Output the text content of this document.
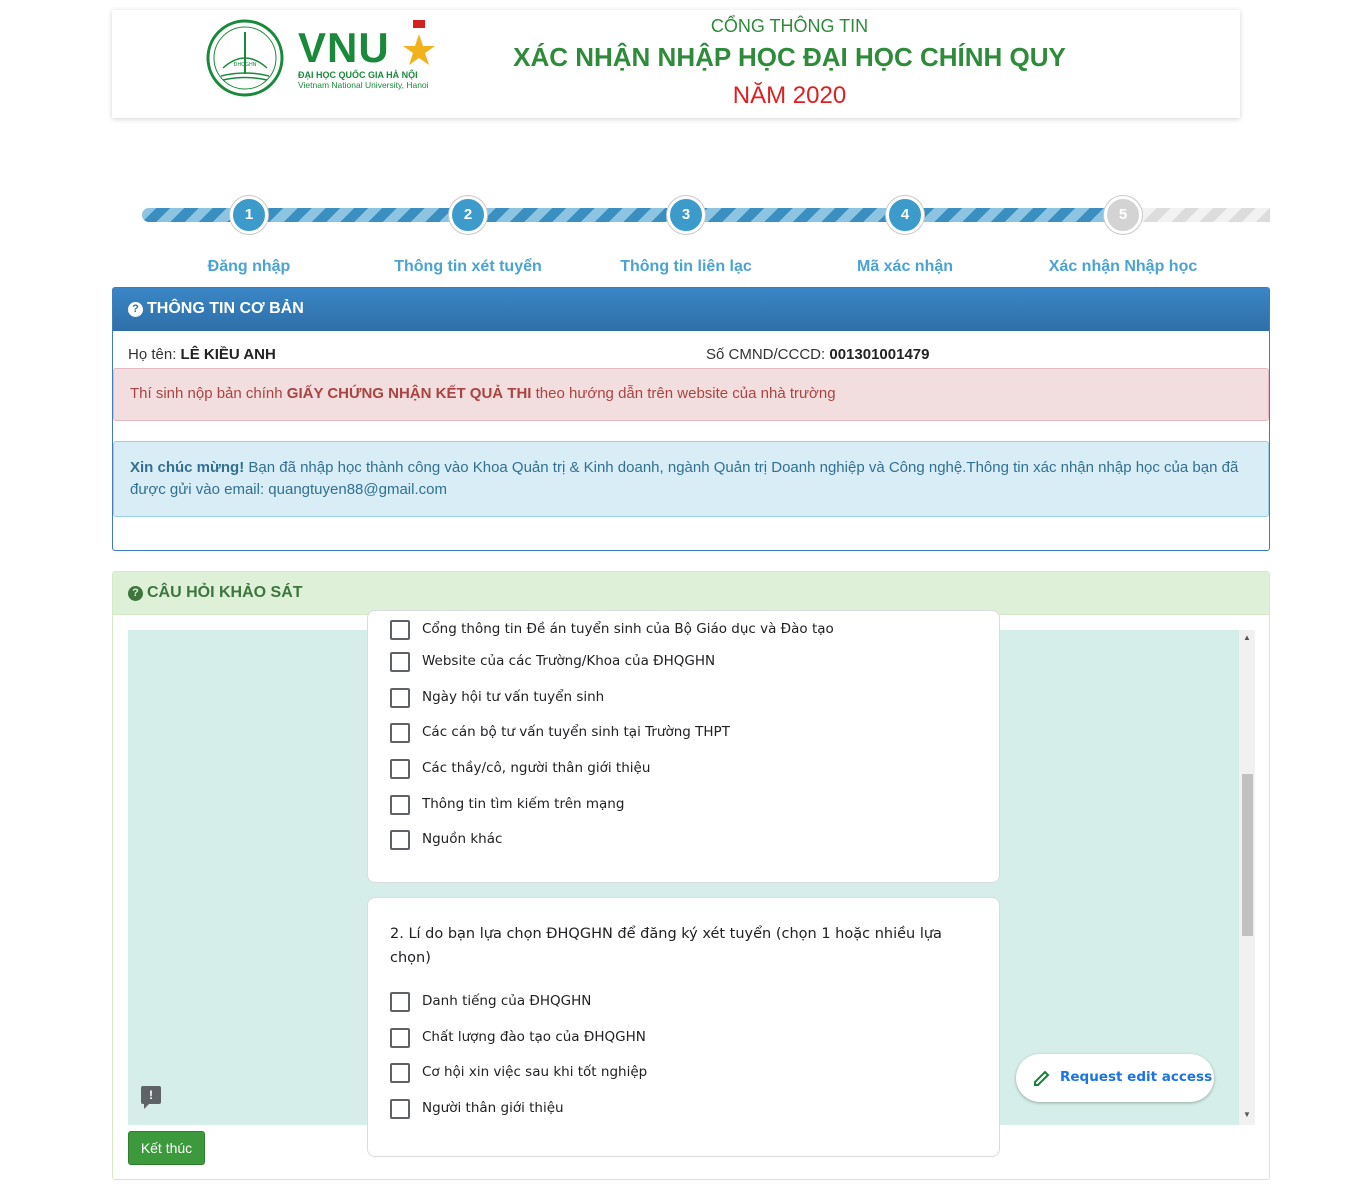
ĐHQGHN VNU
ĐẠI HỌC QUỐC GIA HÀ NỘI
Vietnam National University, Hanoi
CỔNG THÔNG TIN
XÁC NHẬN NHẬP HỌC ĐẠI HỌC CHÍNH QUY
NĂM 2020
1	2	3	4	5
Đăng nhập	Thông tin xét tuyển	Thông tin liên lạc	Mã xác nhận	Xác nhận Nhập học
? THÔNG TIN CƠ BẢN
Họ tên: LÊ KIỀU ANH	Số CMND/CCCD: 001301001479
Thí sinh nộp bản chính GIẤY CHỨNG NHẬN KẾT QUẢ THI theo hướng dẫn trên website của nhà trường
Xin chúc mừng! Bạn đã nhập học thành công vào Khoa Quản trị & Kinh doanh, ngành Quản trị Doanh nghiệp và Công nghệ.Thông tin xác nhận nhập học của bạn đã được gửi vào email: quangtuyen88@gmail.com
? CÂU HỎI KHẢO SÁT
Cổng thông tin Đề án tuyển sinh của Bộ Giáo dục và Đào tạo
Website của các Trường/Khoa của ĐHQGHN
Ngày hội tư vấn tuyển sinh
Các cán bộ tư vấn tuyển sinh tại Trường THPT
Các thầy/cô, người thân giới thiệu
Thông tin tìm kiếm trên mạng
Nguồn khác
2. Lí do bạn lựa chọn ĐHQGHN để đăng ký xét tuyển (chọn 1 hoặc nhiều lựa chọn)
Danh tiếng của ĐHQGHN
Chất lượng đào tạo của ĐHQGHN
Cơ hội xin việc sau khi tốt nghiệp
Người thân giới thiệu
!
Request edit access
▲
▼
Kết thúc
